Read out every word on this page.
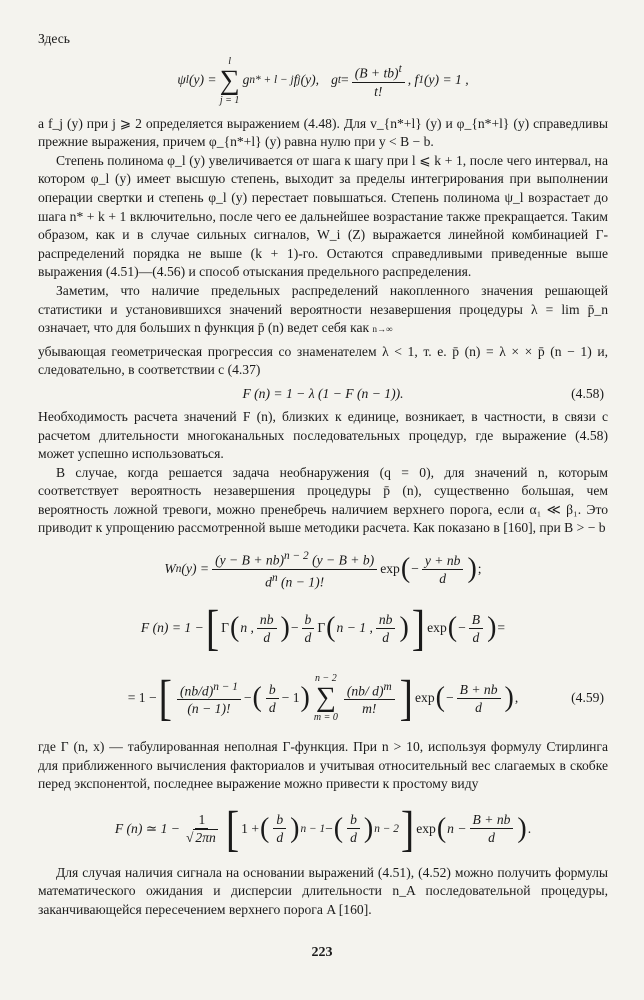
Здесь

ψ l (y) =
l
∑
j = 1
g n* + l − j f j (y), g $t = \frac{(B + tb)^t}{t!}$ , f 1 (y) = 1 ,

а f_j (y) при j ⩾ 2 определяется выражением (4.48). Для v_{n*+l} (y) и φ_{n*+l} (y) справедливы прежние выражения, причем φ_{n*+l} (y) равна нулю при y < B − b.

Степень полинома φ_l (y) увеличивается от шага к шагу при l ⩽ k + 1, после чего интервал, на котором φ_l (y) имеет высшую степень, выходит за пределы интегрирования при выполнении операции свертки и степень φ_l (y) перестает повышаться. Степень полинома ψ_l возрастает до шага n* + k + 1 включительно, после чего ее дальнейшее возрастание также прекращается. Таким образом, как и в случае сильных сигналов, W_i (Z) выражается линейной комбинацией Г-распределений порядка не выше (k + 1)-го. Остаются справедливыми приведенные выше выражения (4.51)—(4.56) и способ отыскания предельного распределения.

Заметим, что наличие предельных распределений накопленного значения решающей статистики и установившихся значений вероятности незавершения процедуры λ = lim p̄_n означает, что для больших n функция p̄ (n) ведет себя как n→∞

убывающая геометрическая прогрессия со знаменателем λ < 1, т. е. p̄ (n) = λ × × p̄ (n − 1) и, следовательно, в соответствии с (4.37)

F (n) = 1 − λ (1 − F (n − 1)).	(4.58)

Необходимость расчета значений F (n), близких к единице, возникает, в частности, в связи с расчетом длительности многоканальных последовательных процедур, где выражение (4.58) может успешно использоваться.

В случае, когда решается задача необнаружения (q = 0), для значений n, которым соответствует вероятность незавершения процедуры p̄ (n), существенно большая, чем вероятность ложной тревоги, можно пренебречь наличием верхнего порога, если α₁ ≪ β₁. Это приводит к упрощению рассмотренной выше методики расчета. Как показано в [160], при B > − b

W n $(y) = \frac{(y - B + nb)^{n - 2} (y - B + b)}{d^n (n - 1)!}$ exp ( − $\frac{y + nb}{d}$ ) ;
F (n) = 1 − [ Γ ( n , $\frac{nb}{d}$ ) − $\frac{b}{d}$ Γ ( n − 1 , $\frac{nb}{d}$ ) ] exp ( − $\frac{B}{d}$ ) =
= 1 − [ $\frac{(nb/d)^{n - 1}}{(n - 1)!}$ − ( $\frac{b}{d} - 1$ )
n − 2
∑
m = 0
$\frac{(nb/ d)^m}{m!}$ ] exp ( − $\frac{B + nb}{d}$ ) ,	(4.59)

где Г (n, x) — табулированная неполная Г-функция. При n > 10, используя формулу Стирлинга для приближенного вычисления факториалов и учитывая относительный вес слагаемых в скобке перед экспонентой, последнее выражение можно привести к простому виду

F (n) ≃ $1 - \frac{1}{√ 2\pi n}$ [ 1 + ( $\frac{b}{d}$ ) n − 1 − ( $\frac{b}{d}$ ) n − 2 ] exp ( $n - \frac{B + nb}{d}$ ) .

Для случая наличия сигнала на основании выражений (4.51), (4.52) можно получить формулы математического ожидания и дисперсии длительности n_A последовательной процедуры, заканчивающейся пересечением верхнего порога A [160].

223
